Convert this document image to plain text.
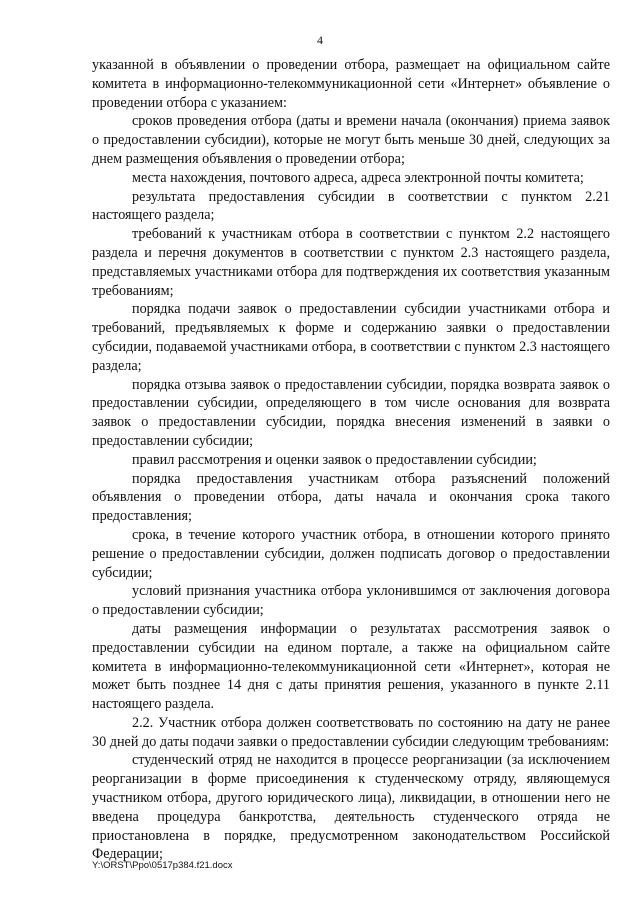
4

указанной в объявлении о проведении отбора, размещает на официальном сайте комитета в информационно-телекоммуникационной сети «Интернет» объявление о проведении отбора с указанием:

сроков проведения отбора (даты и времени начала (окончания) приема заявок о предоставлении субсидии), которые не могут быть меньше 30 дней, следующих за днем размещения объявления о проведении отбора;

места нахождения, почтового адреса, адреса электронной почты комитета;

результата предоставления субсидии в соответствии с пунктом 2.21 настоящего раздела;

требований к участникам отбора в соответствии с пунктом 2.2 настоящего раздела и перечня документов в соответствии с пунктом 2.3 настоящего раздела, представляемых участниками отбора для подтверждения их соответствия указанным требованиям;

порядка подачи заявок о предоставлении субсидии участниками отбора и требований, предъявляемых к форме и содержанию заявки о предоставлении субсидии, подаваемой участниками отбора, в соответствии с пунктом 2.3 настоящего раздела;

порядка отзыва заявок о предоставлении субсидии, порядка возврата заявок о предоставлении субсидии, определяющего в том числе основания для возврата заявок о предоставлении субсидии, порядка внесения изменений в заявки о предоставлении субсидии;

правил рассмотрения и оценки заявок о предоставлении субсидии;

порядка предоставления участникам отбора разъяснений положений объявления о проведении отбора, даты начала и окончания срока такого предоставления;

срока, в течение которого участник отбора, в отношении которого принято решение о предоставлении субсидии, должен подписать договор о предоставлении субсидии;

условий признания участника отбора уклонившимся от заключения договора о предоставлении субсидии;

даты размещения информации о результатах рассмотрения заявок о предоставлении субсидии на едином портале, а также на официальном сайте комитета в информационно-телекоммуникационной сети «Интернет», которая не может быть позднее 14 дня с даты принятия решения, указанного в пункте 2.11 настоящего раздела.

2.2. Участник отбора должен соответствовать по состоянию на дату не ранее 30 дней до даты подачи заявки о предоставлении субсидии следующим требованиям:

студенческий отряд не находится в процессе реорганизации (за исключением реорганизации в форме присоединения к студенческому отряду, являющемуся участником отбора, другого юридического лица), ликвидации, в отношении него не введена процедура банкротства, деятельность студенческого отряда не приостановлена в порядке, предусмотренном законодательством Российской Федерации;

Y:\ORST\Ppo\0517p384.f21.docx
